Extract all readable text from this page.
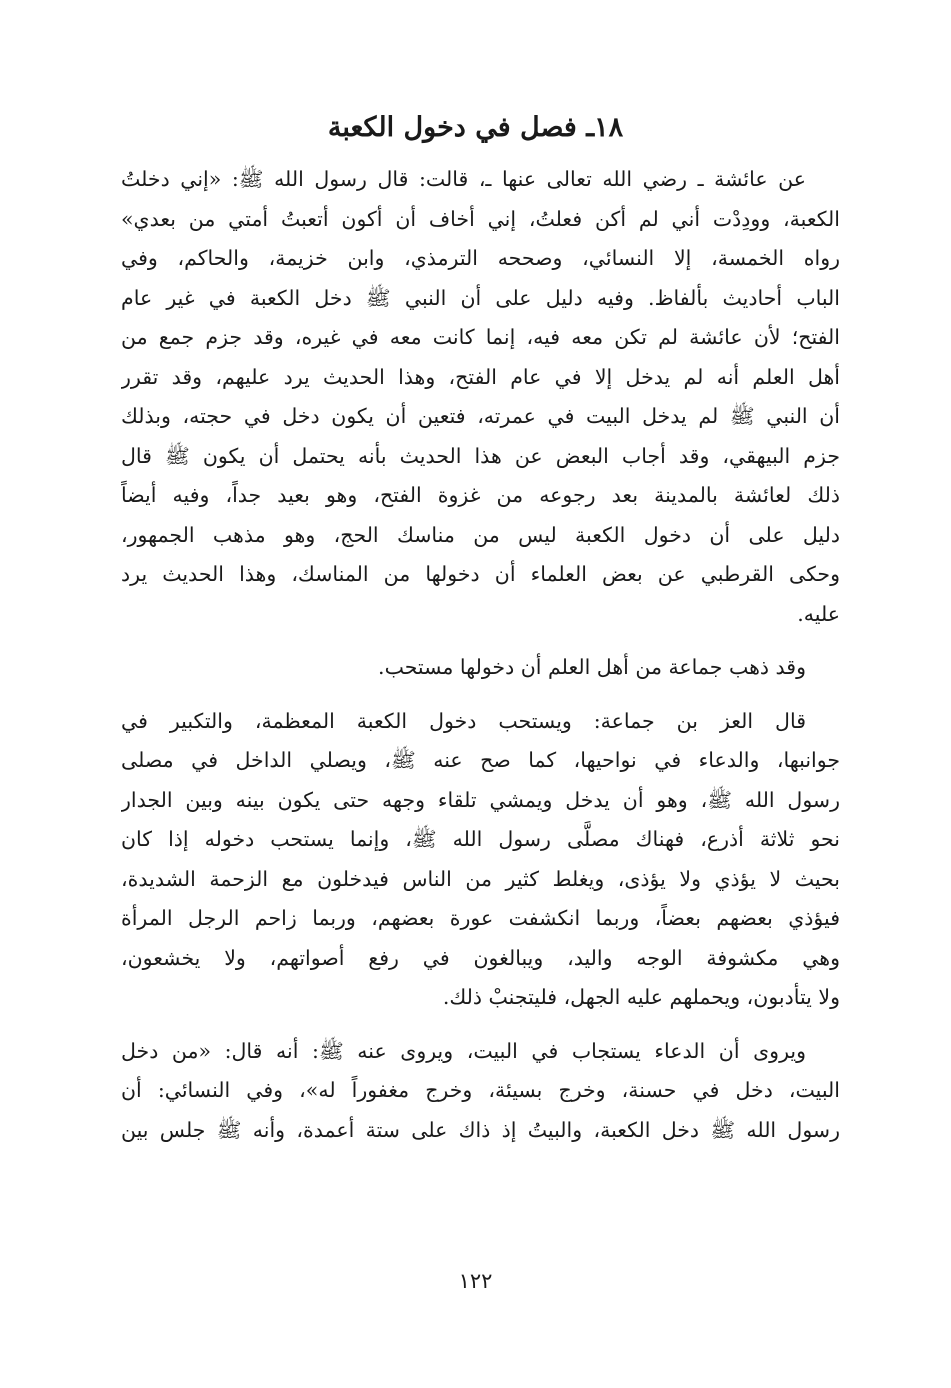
١٨ـ فصل في دخول الكعبة
عن عائشة ـ رضي الله تعالى عنها ـ، قالت: قال رسول الله ﷺ: «إني دخلتُ
الكعبة، وودِدْت أني لم أكن فعلتُ، إني أخاف أن أكون أتعبتُ أمتي من بعدي»
رواه الخمسة، إلا النسائي، وصححه الترمذي، وابن خزيمة، والحاكم، وفي
الباب أحاديث بألفاظ. وفيه دليل على أن النبي ﷺ دخل الكعبة في غير عام
الفتح؛ لأن عائشة لم تكن معه فيه، إنما كانت معه في غيره، وقد جزم جمع من
أهل العلم أنه لم يدخل إلا في عام الفتح، وهذا الحديث يرد عليهم، وقد تقرر
أن النبي ﷺ لم يدخل البيت في عمرته، فتعين أن يكون دخل في حجته، وبذلك
جزم البيهقي، وقد أجاب البعض عن هذا الحديث بأنه يحتمل أن يكون ﷺ قال
ذلك لعائشة بالمدينة بعد رجوعه من غزوة الفتح، وهو بعيد جداً، وفيه أيضاً
دليل على أن دخول الكعبة ليس من مناسك الحج، وهو مذهب الجمهور،
وحكى القرطبي عن بعض العلماء أن دخولها من المناسك، وهذا الحديث يرد
عليه.
وقد ذهب جماعة من أهل العلم أن دخولها مستحب.
قال العز بن جماعة: ويستحب دخول الكعبة المعظمة، والتكبير في
جوانبها، والدعاء في نواحيها، كما صح عنه ﷺ، ويصلي الداخل في مصلى
رسول الله ﷺ، وهو أن يدخل ويمشي تلقاء وجهه حتى يكون بينه وبين الجدار
نحو ثلاثة أذرع، فهناك مصلَّى رسول الله ﷺ، وإنما يستحب دخوله إذا كان
بحيث لا يؤذي ولا يؤذى، ويغلط كثير من الناس فيدخلون مع الزحمة الشديدة،
فيؤذي بعضهم بعضاً، وربما انكشفت عورة بعضهم، وربما زاحم الرجل المرأة
وهي مكشوفة الوجه واليد، ويبالغون في رفع أصواتهم، ولا يخشعون،
ولا يتأدبون، ويحملهم عليه الجهل، فليتجنبْ ذلك.
ويروى أن الدعاء يستجاب في البيت، ويروى عنه ﷺ: أنه قال: «من دخل
البيت، دخل في حسنة، وخرج بسيئة، وخرج مغفوراً له»، وفي النسائي: أن
رسول الله ﷺ دخل الكعبة، والبيتُ إذ ذاك على ستة أعمدة، وأنه ﷺ جلس بين
١٢٢
